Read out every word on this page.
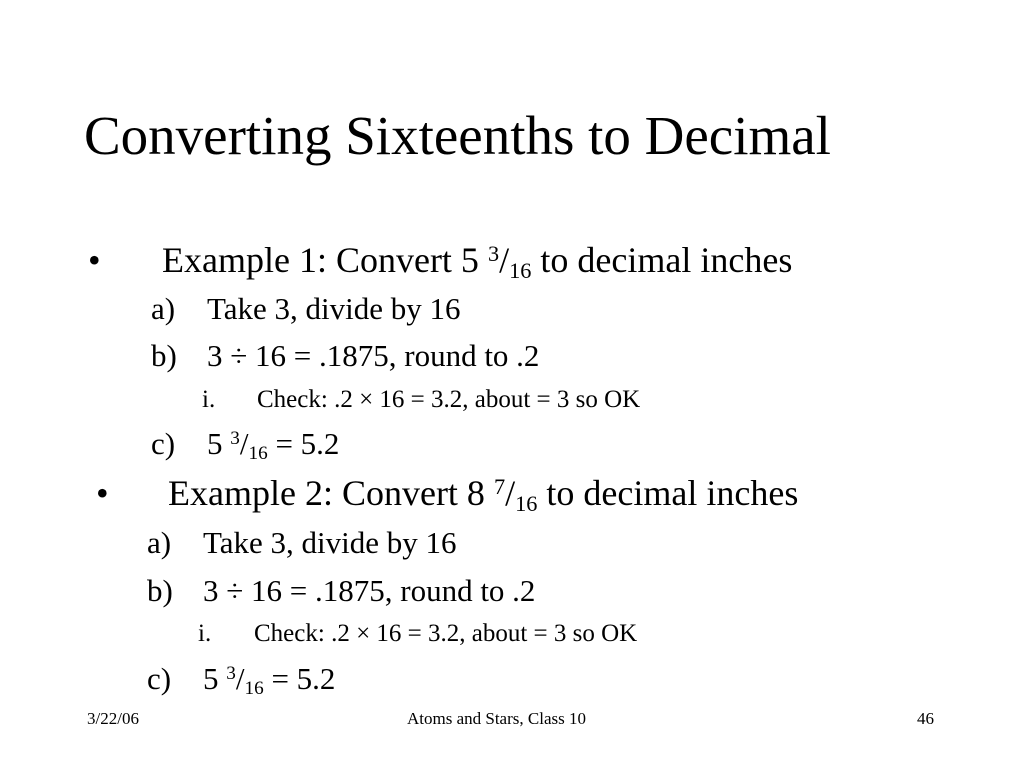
Converting Sixteenths to Decimal
• Example 1: Convert 5 $^3/_{16}$ to decimal inches
a) Take 3, divide by 16
b) 3 ÷ 16 = .1875, round to .2
i. Check: .2 × 16 = 3.2, about = 3 so OK
c) 5 $^3/_{16} = 5.2$
• Example 2: Convert 8 $^7/_{16}$ to decimal inches
a) Take 3, divide by 16
b) 3 ÷ 16 = .1875, round to .2
i. Check: .2 × 16 = 3.2, about = 3 so OK
c) 5 $^3/_{16} = 5.2$
3/22/06	Atoms and Stars, Class 10	46
